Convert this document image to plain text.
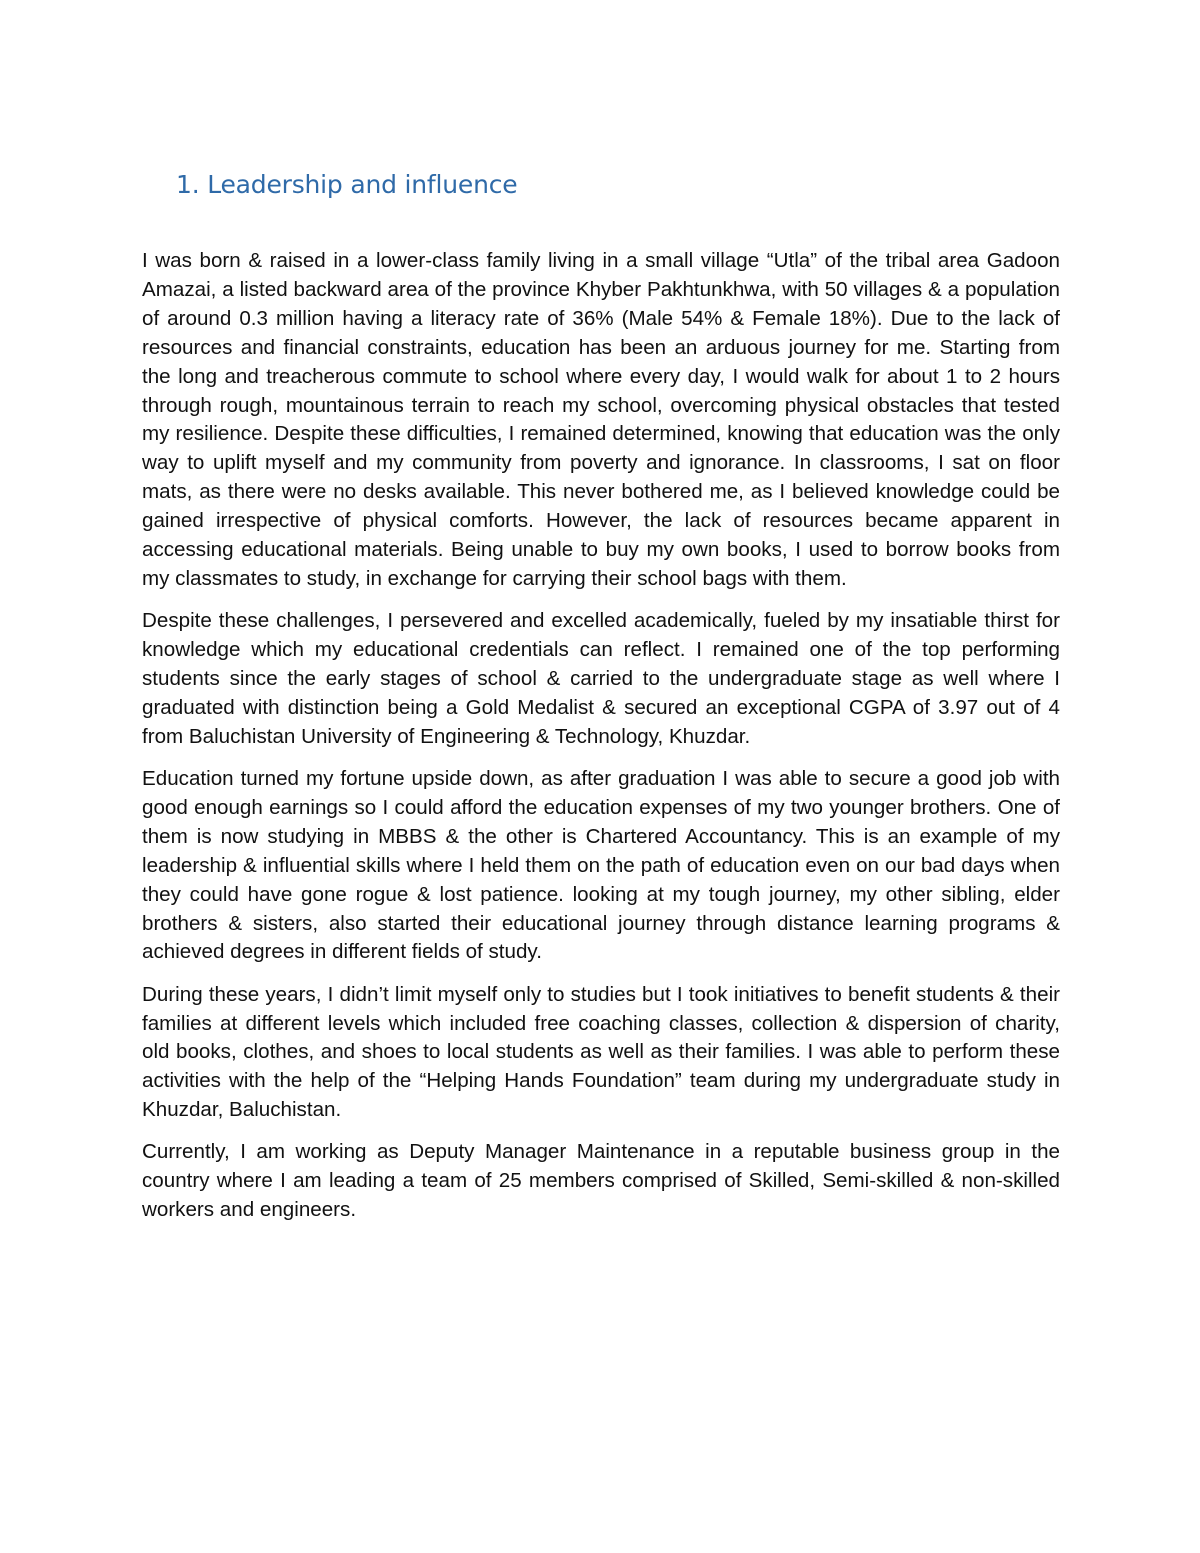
1. Leadership and influence

I was born & raised in a lower-class family living in a small village “Utla” of the tribal area Gadoon Amazai, a listed backward area of the province Khyber Pakhtunkhwa, with 50 villages & a population of around 0.3 million having a literacy rate of 36% (Male 54% & Female 18%). Due to the lack of resources and financial constraints, education has been an arduous journey for me. Starting from the long and treacherous commute to school where every day, I would walk for about 1 to 2 hours through rough, mountainous terrain to reach my school, overcoming physical obstacles that tested my resilience. Despite these difficulties, I remained determined, knowing that education was the only way to uplift myself and my community from poverty and ignorance. In classrooms, I sat on floor mats, as there were no desks available. This never bothered me, as I believed knowledge could be gained irrespective of physical comforts. However, the lack of resources became apparent in accessing educational materials. Being unable to buy my own books, I used to borrow books from my classmates to study, in exchange for carrying their school bags with them.

Despite these challenges, I persevered and excelled academically, fueled by my insatiable thirst for knowledge which my educational credentials can reflect. I remained one of the top performing students since the early stages of school & carried to the undergraduate stage as well where I graduated with distinction being a Gold Medalist & secured an exceptional CGPA of 3.97 out of 4 from Baluchistan University of Engineering & Technology, Khuzdar.

Education turned my fortune upside down, as after graduation I was able to secure a good job with good enough earnings so I could afford the education expenses of my two younger brothers. One of them is now studying in MBBS & the other is Chartered Accountancy. This is an example of my leadership & influential skills where I held them on the path of education even on our bad days when they could have gone rogue & lost patience. looking at my tough journey, my other sibling, elder brothers & sisters, also started their educational journey through distance learning programs & achieved degrees in different fields of study.

During these years, I didn’t limit myself only to studies but I took initiatives to benefit students & their families at different levels which included free coaching classes, collection & dispersion of charity, old books, clothes, and shoes to local students as well as their families. I was able to perform these activities with the help of the “Helping Hands Foundation” team during my undergraduate study in Khuzdar, Baluchistan.

Currently, I am working as Deputy Manager Maintenance in a reputable business group in the country where I am leading a team of 25 members comprised of Skilled, Semi-skilled & non-skilled workers and engineers.
